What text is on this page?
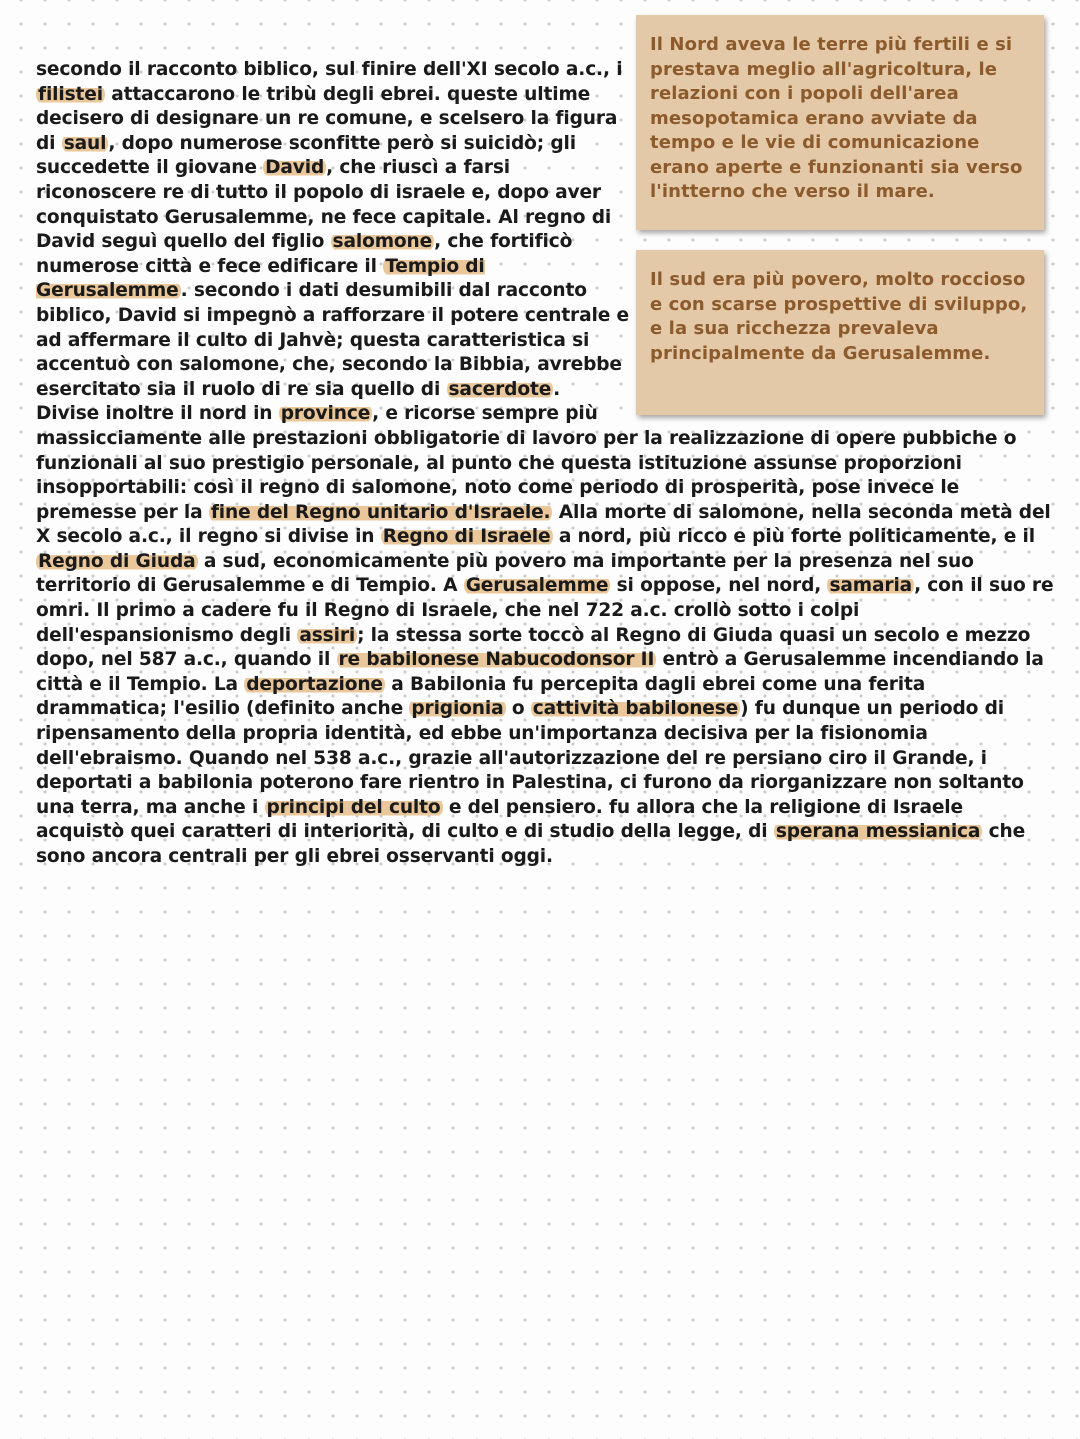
Il Nord aveva le terre più fertili e si prestava meglio all'agricoltura, le relazioni con i popoli dell'area mesopotamica erano avviate da tempo e le vie di comunicazione erano aperte e funzionanti sia verso l'intterno che verso il mare.

Il sud era più povero, molto roccioso e con scarse prospettive di sviluppo, e la sua ricchezza prevaleva principalmente da Gerusalemme.

secondo il racconto biblico, sul finire dell'XI secolo a.c., i filistei attaccarono le tribù degli ebrei. queste ultime decisero di designare un re comune, e scelsero la figura di saul , dopo numerose sconfitte però si suicidò; gli succedette il giovane David , che riuscì a farsi riconoscere re di tutto il popolo di israele e, dopo aver conquistato Gerusalemme, ne fece capitale. Al regno di David seguì quello del figlio salomone , che fortificò numerose città e fece edificare il Tempio di Gerusalemme . secondo i dati desumibili dal racconto biblico, David si impegnò a rafforzare il potere centrale e ad affermare il culto di Jahvè; questa caratteristica si accentuò con salomone, che, secondo la Bibbia, avrebbe esercitato sia il ruolo di re sia quello di sacerdote . Divise inoltre il nord in province , e ricorse sempre più massicciamente alle prestazioni obbligatorie di lavoro per la realizzazione di opere pubbiche o funzionali al suo prestigio personale, al punto che questa istituzione assunse proporzioni insopportabili: così il regno di salomone, noto come periodo di prosperità, pose invece le premesse per la fine del Regno unitario d'Israele. Alla morte di salomone, nella seconda metà del X secolo a.c., il regno si divise in Regno di Israele a nord, più ricco e più forte politicamente, e il Regno di Giuda a sud, economicamente più povero ma importante per la presenza nel suo territorio di Gerusalemme e di Tempio. A Gerusalemme si oppose, nel nord, samaria , con il suo re omri. Il primo a cadere fu il Regno di Israele, che nel 722 a.c. crollò sotto i colpi dell'espansionismo degli assiri ; la stessa sorte toccò al Regno di Giuda quasi un secolo e mezzo dopo, nel 587 a.c., quando il re babilonese Nabucodonsor II entrò a Gerusalemme incendiando la città e il Tempio. La deportazione a Babilonia fu percepita dagli ebrei come una ferita drammatica; l'esilio (definito anche prigionia o cattività babilonese ) fu dunque un periodo di ripensamento della propria identità, ed ebbe un'importanza decisiva per la fisionomia dell'ebraismo. Quando nel 538 a.c., grazie all'autorizzazione del re persiano ciro il Grande, i deportati a babilonia poterono fare rientro in Palestina, ci furono da riorganizzare non soltanto una terra, ma anche i principi del culto e del pensiero. fu allora che la religione di Israele acquistò quei caratteri di interiorità, di culto e di studio della legge, di sperana messianica che sono ancora centrali per gli ebrei osservanti oggi.
